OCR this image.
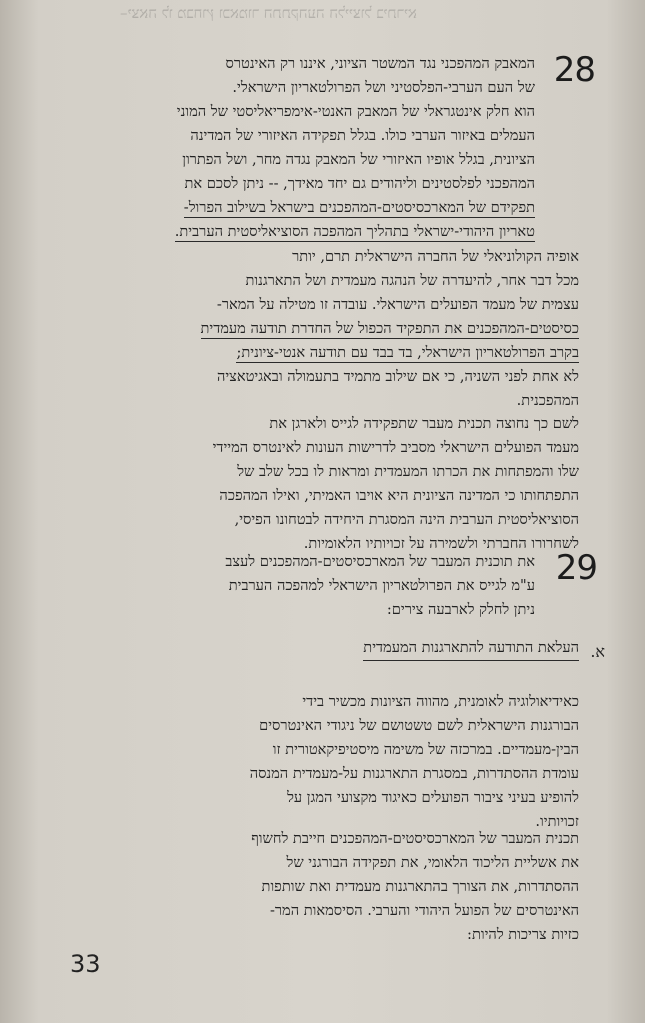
–יצאה לו מבחוץ וכאמור התתקהעה הלייצול ביתריא
28

המאבק המהפכני נגד המשטר הציוני, איננו רק האינטרס

של העם הערבי-הפלסטיני ושל הפרולטאריון הישראלי.

הוא חלק אינטגראלי של המאבק האנטי-אימפריאליסטי של המוני

העמלים באיזור הערבי כולו. בגלל תפקידה האיזורי של המדינה

הציונית, בגלל אופיו האיזורי של המאבק נגדה מחר, ושל הפתרון

המהפכני לפלסטינים וליהודים גם יחד מאידך, -- ניתן לסכם את

תפקידם של המארכסיסטים-המהפכנים בישראל בשילוב הפרול-

טאריון היהודי-ישראלי בתהליך המהפכה הסוציאליסטית הערבית.

אופיה הקולוניאלי של החברה הישראלית תרם, יותר

מכל דבר אחר, להיעדרה של הנהגה מעמדית ושל התארגנות

עצמית של מעמד הפועלים הישראלי. עובדה זו מטילה על המאר-

כסיסטים-המהפכנים את התפקיד הכפול של החדרת תודעה מעמדית

בקרב הפרולטאריון הישראלי, בד בבד עם תודעה אנטי-ציונית;

לא אחת לפני השניה, כי אם שילוב מתמיד בתעמולה ובאגיטאציה

המהפכנית.

לשם כך נחוצה תכנית מעבר שתפקידה לגייס ולארגן את

מעמד הפועלים הישראלי מסביב לדרישות העונות לאינטרס המיידי

שלו והמפתחות את הכרתו המעמדית ומראות לו בכל שלב של

התפתחותו כי המדינה הציונית היא אויבו האמיתי, ואילו המהפכה

הסוציאליסטית הערבית הינה המסגרת היחידה לבטחונו הפיסי,

לשחרורו החברתי ולשמירה על זכויותיו הלאומיות.

29

את תוכנית המעבר של המארכסיסטים-המהפכנים לעצב

ע"מ לגייס את הפרולטאריון הישראלי למהפכה הערבית

ניתן לחלק לארבעה צירים:

א.
העלאת התודעה להתארגנות המעמדית

כאידיאולוגיה לאומנית, מהווה הציונות מכשיר בידי

הבורגנות הישראלית לשם טשטושם של ניגודי האינטרסים

הבין-מעמדיים. במרכזה של משימה מיסטיפיקאטורית זו

עומדת ההסתדרות, במסגרת התארגנות על-מעמדית המנסה

להופיע בעיני ציבור הפועלים כאיגוד מקצועי המגן על

זכויותיו.

תכנית המעבר של המארכסיסטים-המהפכנים חייבת לחשוף

את אשליית הליכוד הלאומי, את תפקידה הבורגני של

ההסתדרות, את הצורך בהתארגנות מעמדית ואת שותפות

האינטרסים של הפועל היהודי והערבי. הסיסמאות המר-

כזיות צריכות להיות:

33
